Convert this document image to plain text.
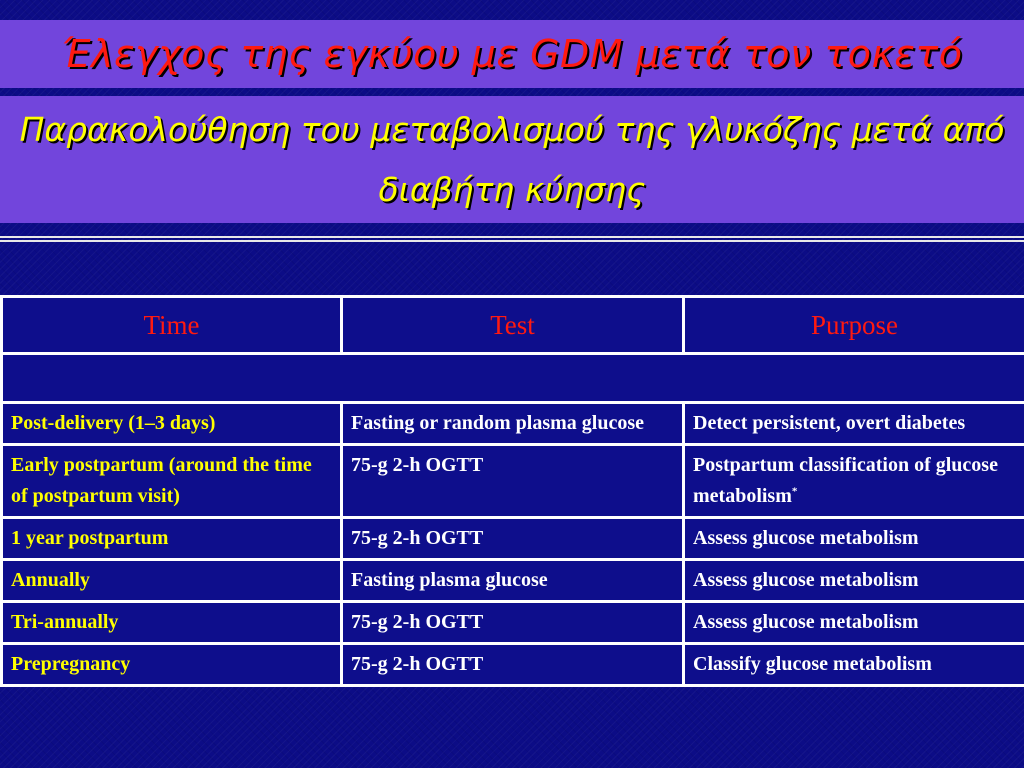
Έλεγχος της εγκύου με GDM μετά τον τοκετό
Παρακολούθηση του μεταβολισμού της γλυκόζης μετά από διαβήτη κύησης
Time	Test	Purpose

Post-delivery (1–3 days)	Fasting or random plasma glucose	Detect persistent, overt diabetes
Early postpartum (around the time of postpartum visit)	75-g 2-h OGTT	Postpartum classification of glucose metabolism*
1 year postpartum	75-g 2-h OGTT	Assess glucose metabolism
Annually	Fasting plasma glucose	Assess glucose metabolism
Tri-annually	75-g 2-h OGTT	Assess glucose metabolism
Prepregnancy	75-g 2-h OGTT	Classify glucose metabolism
